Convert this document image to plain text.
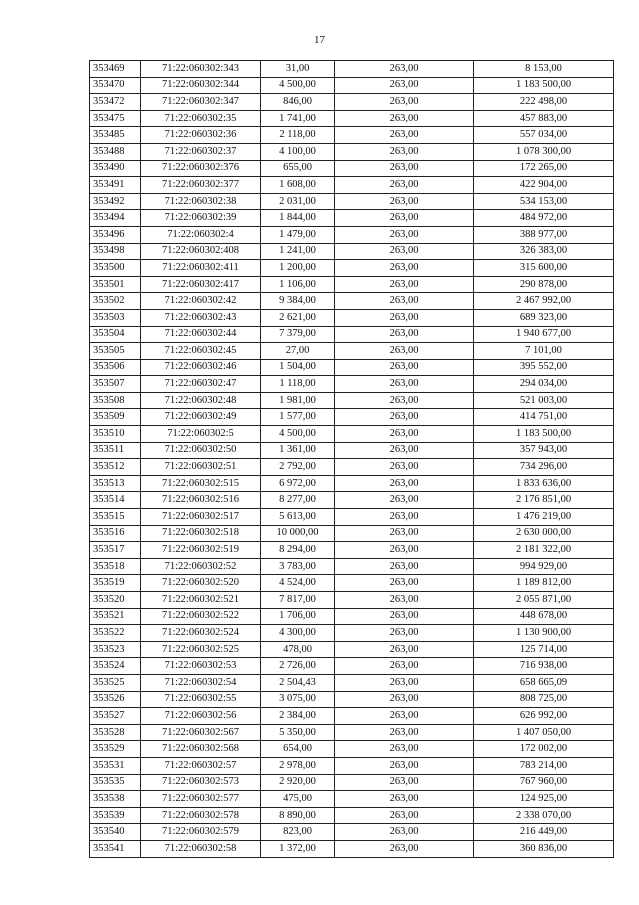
17
353469	71:22:060302:343	31,00	263,00	8 153,00
353470	71:22:060302:344	4 500,00	263,00	1 183 500,00
353472	71:22:060302:347	846,00	263,00	222 498,00
353475	71:22:060302:35	1 741,00	263,00	457 883,00
353485	71:22:060302:36	2 118,00	263,00	557 034,00
353488	71:22:060302:37	4 100,00	263,00	1 078 300,00
353490	71:22:060302:376	655,00	263,00	172 265,00
353491	71:22:060302:377	1 608,00	263,00	422 904,00
353492	71:22:060302:38	2 031,00	263,00	534 153,00
353494	71:22:060302:39	1 844,00	263,00	484 972,00
353496	71:22:060302:4	1 479,00	263,00	388 977,00
353498	71:22:060302:408	1 241,00	263,00	326 383,00
353500	71:22:060302:411	1 200,00	263,00	315 600,00
353501	71:22:060302:417	1 106,00	263,00	290 878,00
353502	71:22:060302:42	9 384,00	263,00	2 467 992,00
353503	71:22:060302:43	2 621,00	263,00	689 323,00
353504	71:22:060302:44	7 379,00	263,00	1 940 677,00
353505	71:22:060302:45	27,00	263,00	7 101,00
353506	71:22:060302:46	1 504,00	263,00	395 552,00
353507	71:22:060302:47	1 118,00	263,00	294 034,00
353508	71:22:060302:48	1 981,00	263,00	521 003,00
353509	71:22:060302:49	1 577,00	263,00	414 751,00
353510	71:22:060302:5	4 500,00	263,00	1 183 500,00
353511	71:22:060302:50	1 361,00	263,00	357 943,00
353512	71:22:060302:51	2 792,00	263,00	734 296,00
353513	71:22:060302:515	6 972,00	263,00	1 833 636,00
353514	71:22:060302:516	8 277,00	263,00	2 176 851,00
353515	71:22:060302:517	5 613,00	263,00	1 476 219,00
353516	71:22:060302:518	10 000,00	263,00	2 630 000,00
353517	71:22:060302:519	8 294,00	263,00	2 181 322,00
353518	71:22:060302:52	3 783,00	263,00	994 929,00
353519	71:22:060302:520	4 524,00	263,00	1 189 812,00
353520	71:22:060302:521	7 817,00	263,00	2 055 871,00
353521	71:22:060302:522	1 706,00	263,00	448 678,00
353522	71:22:060302:524	4 300,00	263,00	1 130 900,00
353523	71:22:060302:525	478,00	263,00	125 714,00
353524	71:22:060302:53	2 726,00	263,00	716 938,00
353525	71:22:060302:54	2 504,43	263,00	658 665,09
353526	71:22:060302:55	3 075,00	263,00	808 725,00
353527	71:22:060302:56	2 384,00	263,00	626 992,00
353528	71:22:060302:567	5 350,00	263,00	1 407 050,00
353529	71:22:060302:568	654,00	263,00	172 002,00
353531	71:22:060302:57	2 978,00	263,00	783 214,00
353535	71:22:060302:573	2 920,00	263,00	767 960,00
353538	71:22:060302:577	475,00	263,00	124 925,00
353539	71:22:060302:578	8 890,00	263,00	2 338 070,00
353540	71:22:060302:579	823,00	263,00	216 449,00
353541	71:22:060302:58	1 372,00	263,00	360 836,00
